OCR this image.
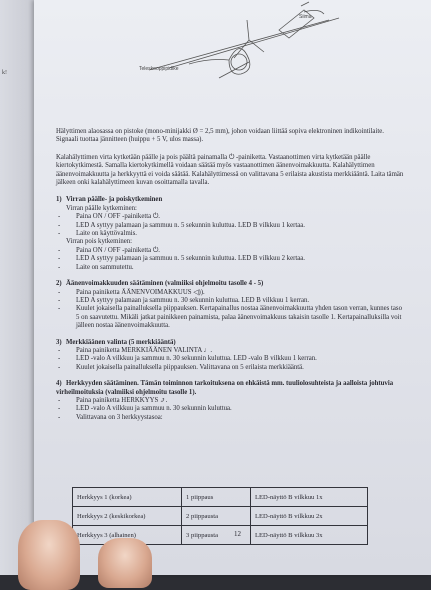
k!
Siima
Teleskooppipidike

Hälyttimen alaosassa on pistoke (mono-minijakki Ø = 2,5 mm), johon voidaan liittää sopiva elektroninen indikointilaite. Signaali tuottaa jännitteen (huippu + 5 V, ulos massa).

Kalahälyttimen virta kytketään päälle ja pois päältä painamalla ⏻ -painiketta. Vastaanottimen virta kytketään päälle kiertokytkimestä. Samalla kiertokytkimellä voidaan säätää myös vastaanottimen äänenvoimakkuutta. Kalahälyttimen äänenvoimakkuutta ja herkkyyttä ei voida säätää. Kalahälyttimessä on valittavana 5 erilaista akustista merkkiääntä. Laita tämän jälkeen onki kalahälyttimeen kuvan osoittamalla tavalla.

1) Virran päälle- ja poiskytkeminen
Virran päälle kytkeminen:
- Paina ON / OFF -painiketta ⏻.
- LED A syttyy palamaan ja sammuu n. 5 sekunnin kuluttua. LED B vilkkuu 1 kertaa.
- Laite on käyttövalmis.
Virran pois kytkeminen:
- Paina ON / OFF -painiketta ⏻.
- LED A syttyy palamaan ja sammuu n. 5 sekunnin kuluttua. LED B vilkkuu 2 kertaa.
- Laite on sammutettu.
2) Äänenvoimakkuuden säätäminen (valmiiksi ohjelmoitu tasolle 4 - 5)
- Paina painiketta ÄÄNENVOIMAKKUUS ◁)).
- LED A syttyy palamaan ja sammuu n. 30 sekunnin kuluttua. LED B vilkkuu 1 kerran.
- Kuulet jokaisella painalluksella piippauksen. Kertapainallus nostaa äänenvoimakkuutta yhden tason verran, kunnes taso 5 on saavutettu. Mikäli jatkat painikkeen painamista, palaa äänenvoimakkuus takaisin tasolle 1. Kertapainalluksilla voit jälleen nostaa äänenvoimakkuutta.
3) Merkkiäänen valinta (5 merkkiääntä)
- Paina painiketta MERKKIÄÄNEN VALINTA ♩.
- LED -valo A vilkkuu ja sammuu n. 30 sekunnin kuluttua. LED -valo B vilkkuu 1 kerran.
- Kuulet jokaisella painalluksella piippauksen. Valittavana on 5 erilaista merkkiääntä.
4) Herkkyyden säätäminen. Tämän toiminnon tarkoituksena on ehkäistä mm. tuuliolosuhteista ja aalloista johtuvia virheilmoituksia (valmiiksi ohjelmoitu tasolle 1).
- Paina painiketta HERKKYYS ⤴.
- LED -valo A vilkkuu ja sammuu n. 30 sekunnin kuluttua.
- Valittavana on 3 herkkyystasoa:
Herkkyys 1 (korkea)	1 piippaus	LED-näyttö B vilkkuu 1x
Herkkyys 2 (keskikorkea)	2 piippausta	LED-näyttö B vilkkuu 2x
Herkkyys 3 (alhainen)	3 piippausta	LED-näyttö B vilkkuu 3x
12
